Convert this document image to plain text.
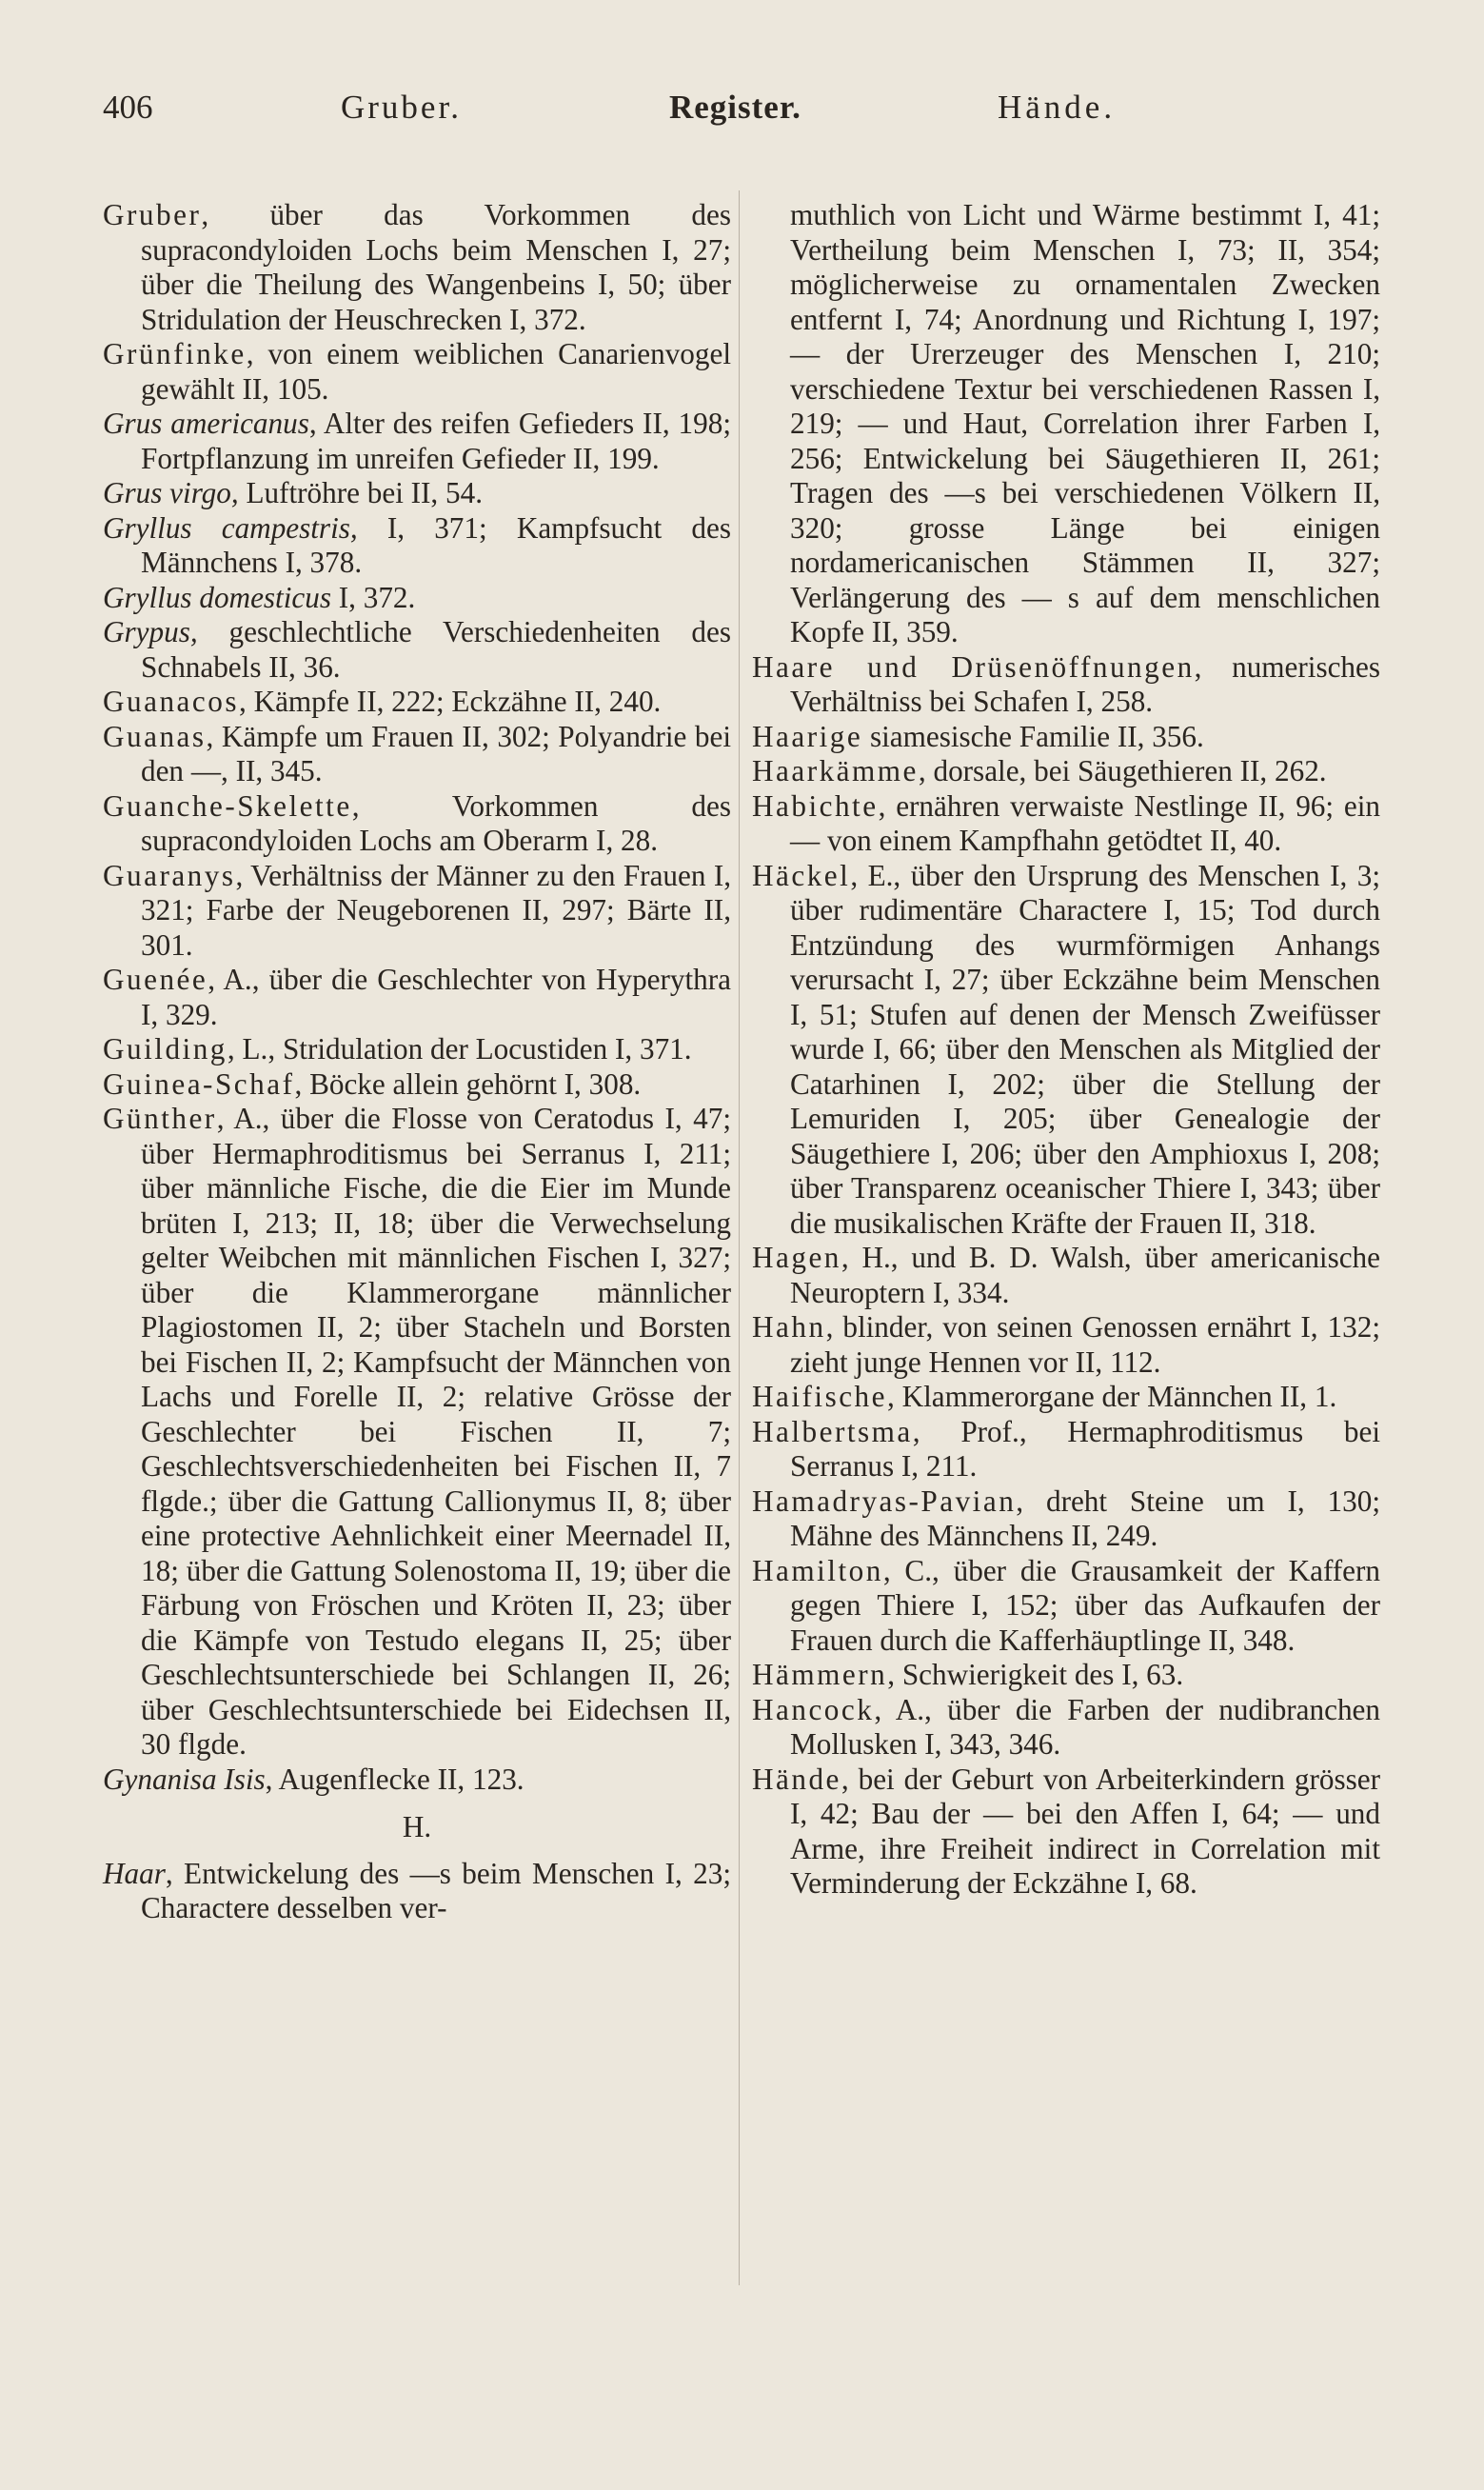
406	Gruber.	Register.	Hände.

Gruber, über das Vorkommen des supracondyloiden Lochs beim Menschen I, 27; über die Theilung des Wangenbeins I, 50; über Stridulation der Heuschrecken I, 372.

Grünfinke, von einem weiblichen Canarienvogel gewählt II, 105.

Grus americanus, Alter des reifen Gefieders II, 198; Fortpflanzung im unreifen Gefieder II, 199.

Grus virgo, Luftröhre bei II, 54.

Gryllus campestris, I, 371; Kampfsucht des Männchens I, 378.

Gryllus domesticus I, 372.

Grypus, geschlechtliche Verschiedenheiten des Schnabels II, 36.

Guanacos, Kämpfe II, 222; Eckzähne II, 240.

Guanas, Kämpfe um Frauen II, 302; Polyandrie bei den —, II, 345.

Guanche-Skelette, Vorkommen des supracondyloiden Lochs am Oberarm I, 28.

Guaranys, Verhältniss der Männer zu den Frauen I, 321; Farbe der Neugeborenen II, 297; Bärte II, 301.

Guenée, A., über die Geschlechter von Hyperythra I, 329.

Guilding, L., Stridulation der Locustiden I, 371.

Guinea-Schaf, Böcke allein gehörnt I, 308.

Günther, A., über die Flosse von Ceratodus I, 47; über Hermaphroditismus bei Serranus I, 211; über männliche Fische, die die Eier im Munde brüten I, 213; II, 18; über die Verwechselung gelter Weibchen mit männlichen Fischen I, 327; über die Klammerorgane männlicher Plagiostomen II, 2; über Stacheln und Borsten bei Fischen II, 2; Kampfsucht der Männchen von Lachs und Forelle II, 2; relative Grösse der Geschlechter bei Fischen II, 7; Geschlechtsverschiedenheiten bei Fischen II, 7 flgde.; über die Gattung Callionymus II, 8; über eine protective Aehnlichkeit einer Meernadel II, 18; über die Gattung Solenostoma II, 19; über die Färbung von Fröschen und Kröten II, 23; über die Kämpfe von Testudo elegans II, 25; über Geschlechtsunterschiede bei Schlangen II, 26; über Geschlechtsunterschiede bei Eidechsen II, 30 flgde.

Gynanisa Isis, Augenflecke II, 123.

H.

Haar, Entwickelung des —s beim Menschen I, 23; Charactere desselben ver-

muthlich von Licht und Wärme bestimmt I, 41; Vertheilung beim Menschen I, 73; II, 354; möglicherweise zu ornamentalen Zwecken entfernt I, 74; Anordnung und Richtung I, 197; — der Urerzeuger des Menschen I, 210; verschiedene Textur bei verschiedenen Rassen I, 219; — und Haut, Correlation ihrer Farben I, 256; Entwickelung bei Säugethieren II, 261; Tragen des —s bei verschiedenen Völkern II, 320; grosse Länge bei einigen nordamericanischen Stämmen II, 327; Verlängerung des — s auf dem menschlichen Kopfe II, 359.

Haare und Drüsenöffnungen, numerisches Verhältniss bei Schafen I, 258.

Haarige siamesische Familie II, 356.

Haarkämme, dorsale, bei Säugethieren II, 262.

Habichte, ernähren verwaiste Nestlinge II, 96; ein — von einem Kampfhahn getödtet II, 40.

Häckel, E., über den Ursprung des Menschen I, 3; über rudimentäre Charactere I, 15; Tod durch Entzündung des wurmförmigen Anhangs verursacht I, 27; über Eckzähne beim Menschen I, 51; Stufen auf denen der Mensch Zweifüsser wurde I, 66; über den Menschen als Mitglied der Catarhinen I, 202; über die Stellung der Lemuriden I, 205; über Genealogie der Säugethiere I, 206; über den Amphioxus I, 208; über Transparenz oceanischer Thiere I, 343; über die musikalischen Kräfte der Frauen II, 318.

Hagen, H., und B. D. Walsh, über americanische Neuroptern I, 334.

Hahn, blinder, von seinen Genossen ernährt I, 132; zieht junge Hennen vor II, 112.

Haifische, Klammerorgane der Männchen II, 1.

Halbertsma, Prof., Hermaphroditismus bei Serranus I, 211.

Hamadryas-Pavian, dreht Steine um I, 130; Mähne des Männchens II, 249.

Hamilton, C., über die Grausamkeit der Kaffern gegen Thiere I, 152; über das Aufkaufen der Frauen durch die Kafferhäuptlinge II, 348.

Hämmern, Schwierigkeit des I, 63.

Hancock, A., über die Farben der nudibranchen Mollusken I, 343, 346.

Hände, bei der Geburt von Arbeiterkindern grösser I, 42; Bau der — bei den Affen I, 64; — und Arme, ihre Freiheit indirect in Correlation mit Verminderung der Eckzähne I, 68.
